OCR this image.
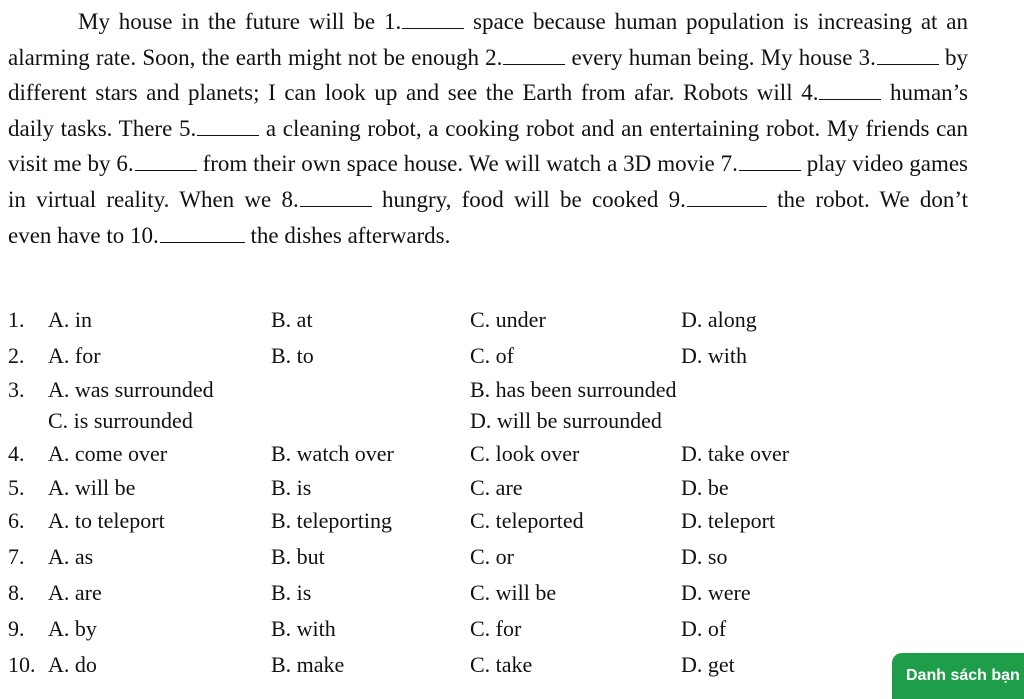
My house in the future will be 1.	space because human population is increasing at an alarming rate. Soon, the earth might not be enough 2.	every human being. My house 3.	by different stars and planets; I can look up and see the Earth from afar. Robots will 4.	human’s daily tasks. There 5.	a cleaning robot, a cooking robot and an entertaining robot. My friends can visit me by 6.	from their own space house. We will watch a 3D movie 7.	play video games in virtual reality. When we 8.	hungry, food will be cooked 9.	the robot. We don’t
even have to 10.	the dishes afterwards.

1. A. in	B. at	C. under	D. along
2. A. for	B. to	C. of	D. with
3. A. was surrounded	B. has been surrounded
C. is surrounded	D. will be surrounded
4. A. come over	B. watch over	C. look over	D. take over
5. A. will be	B. is	C. are	D. be
6. A. to teleport	B. teleporting	C. teleported	D. teleport
7. A. as	B. but	C. or	D. so
8. A. are	B. is	C. will be	D. were
9. A. by	B. with	C. for	D. of
10. A. do	B. make	C. take	D. get	Danh sách bạn
